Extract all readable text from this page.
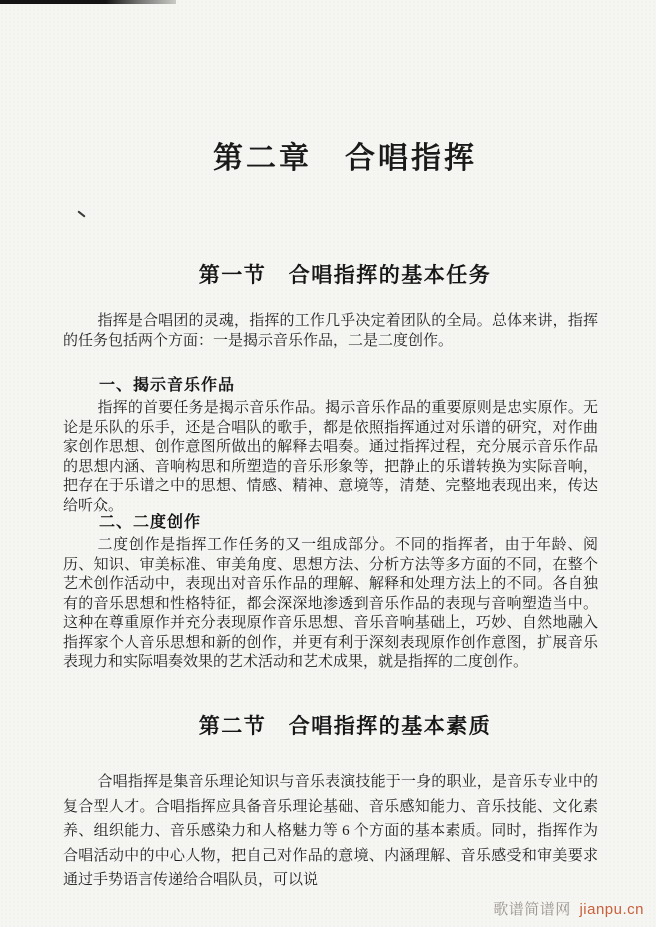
第二章　合唱指挥
第一节　合唱指挥的基本任务

指挥是合唱团的灵魂，指挥的工作几乎决定着团队的全局。总体来讲，指挥的任务包括两个方面：一是揭示音乐作品，二是二度创作。

一、揭示音乐作品

指挥的首要任务是揭示音乐作品。揭示音乐作品的重要原则是忠实原作。无论是乐队的乐手，还是合唱队的歌手，都是依照指挥通过对乐谱的研究，对作曲家创作思想、创作意图所做出的解释去唱奏。通过指挥过程，充分展示音乐作品的思想内涵、音响构思和所塑造的音乐形象等，把静止的乐谱转换为实际音响，把存在于乐谱之中的思想、情感、精神、意境等，清楚、完整地表现出来，传达给听众。

二、二度创作

二度创作是指挥工作任务的又一组成部分。不同的指挥者，由于年龄、阅历、知识、审美标准、审美角度、思想方法、分析方法等多方面的不同，在整个艺术创作活动中，表现出对音乐作品的理解、解释和处理方法上的不同。各自独有的音乐思想和性格特征，都会深深地渗透到音乐作品的表现与音响塑造当中。这种在尊重原作并充分表现原作音乐思想、音乐音响基础上，巧妙、自然地融入指挥家个人音乐思想和新的创作，并更有利于深刻表现原作创作意图，扩展音乐表现力和实际唱奏效果的艺术活动和艺术成果，就是指挥的二度创作。

第二节　合唱指挥的基本素质

合唱指挥是集音乐理论知识与音乐表演技能于一身的职业，是音乐专业中的复合型人才。合唱指挥应具备音乐理论基础、音乐感知能力、音乐技能、文化素养、组织能力、音乐感染力和人格魅力等 6 个方面的基本素质。同时，指挥作为合唱活动中的中心人物，把自己对作品的意境、内涵理解、音乐感受和审美要求通过手势语言传递给合唱队员，可以说

歌谱简谱网 jianpu.cn
